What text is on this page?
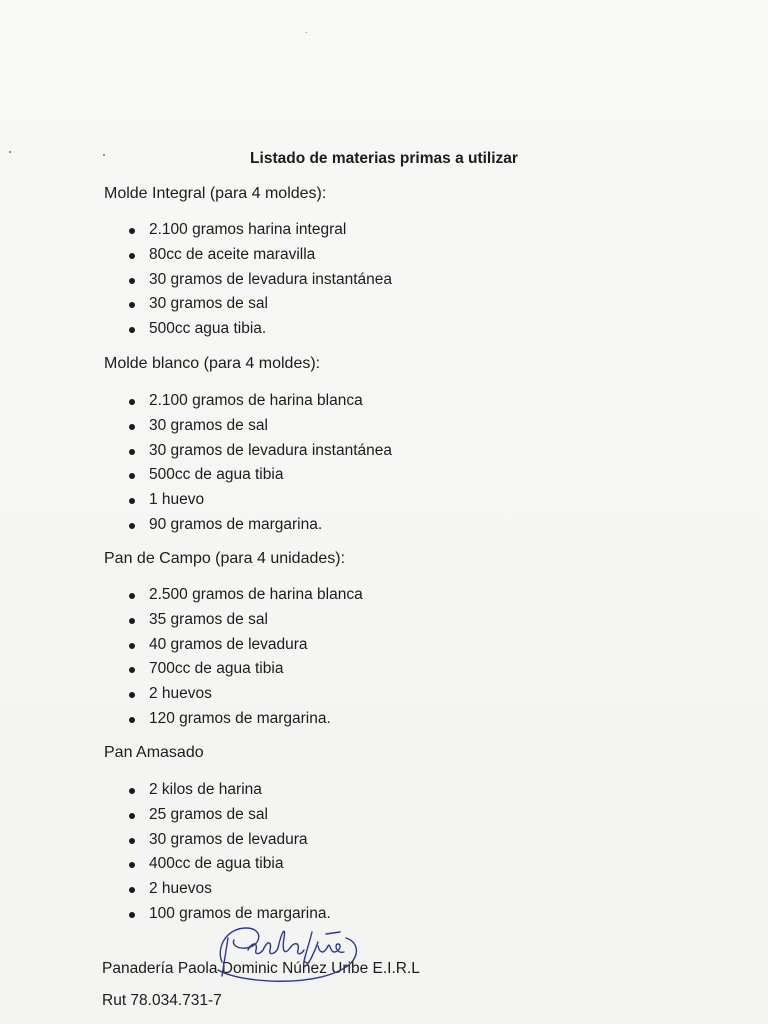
Listado de materias primas a utilizar
Molde Integral (para 4 moldes):
2.100 gramos harina integral
80cc de aceite maravilla
30 gramos de levadura instantánea
30 gramos de sal
500cc agua tibia.
Molde blanco (para 4 moldes):
2.100 gramos de harina blanca
30 gramos de sal
30 gramos de levadura instantánea
500cc de agua tibia
1 huevo
90 gramos de margarina.
Pan de Campo (para 4 unidades):
2.500 gramos de harina blanca
35 gramos de sal
40 gramos de levadura
700cc de agua tibia
2 huevos
120 gramos de margarina.
Pan Amasado
2 kilos de harina
25 gramos de sal
30 gramos de levadura
400cc de agua tibia
2 huevos
100 gramos de margarina.
Panadería Paola Dominic Núñez Uribe E.I.R.L
Rut 78.034.731-7
